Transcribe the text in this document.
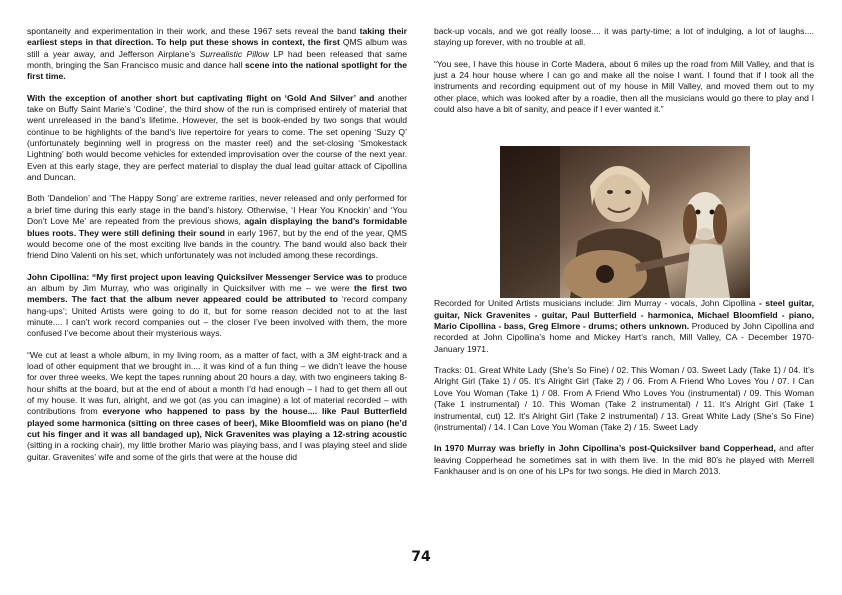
spontaneity and experimentation in their work, and these 1967 sets reveal the band taking their earliest steps in that direction. To help put these shows in context, the first QMS album was still a year away, and Jefferson Airplane’s Surrealistic Pillow LP had been released that same month, bringing the San Francisco music and dance hall scene into the national spotlight for the first time.

With the exception of another short but captivating flight on ‘Gold And Silver’ and another take on Buffy Saint Marie’s ‘Codine’, the third show of the run is comprised entirely of material that went unreleased in the band’s lifetime. However, the set is book-ended by two songs that would continue to be highlights of the band’s live repertoire for years to come. The set opening ‘Suzy Q’ (unfortunately beginning well in progress on the master reel) and the set-closing ‘Smokestack Lightning’ both would become vehicles for extended improvisation over the course of the next year. Even at this early stage, they are perfect material to display the dual lead guitar attack of Cipollina and Duncan.

Both ‘Dandelion’ and ‘The Happy Song’ are extreme rarities, never released and only performed for a brief time during this early stage in the band’s history. Otherwise, ‘I Hear You Knockin’ and ‘You Don’t Love Me’ are repeated from the previous shows, again displaying the band’s formidable blues roots. They were still defining their sound in early 1967, but by the end of the year, QMS would become one of the most exciting live bands in the country. The band would also back their friend Dino Valenti on his set, which unfortunately was not included among these recordings.

John Cipollina: “My first project upon leaving Quicksilver Messenger Service was to produce an album by Jim Murray, who was originally in Quicksilver with me – we were the first two members. The fact that the album never appeared could be attributed to ‘record company hang-ups’; United Artists were going to do it, but for some reason decided not to at the last minute.... I can’t work record companies out – the closer I’ve been involved with them, the more confused I’ve become about their mysterious ways.

“We cut at least a whole album, in my living room, as a matter of fact, with a 3M eight-track and a load of other equipment that we brought in.... it was kind of a fun thing – we didn’t leave the house for over three weeks. We kept the tapes running about 20 hours a day, with two engineers taking 8-hour shifts at the board, but at the end of about a month I’d had enough – I had to get them all out of my house. It was fun, alright, and we got (as you can imagine) a lot of material recorded – with contributions from everyone who happened to pass by the house.... like Paul Butterfield played some harmonica (sitting on three cases of beer), Mike Bloomfield was on piano (he’d cut his finger and it was all bandaged up), Nick Gravenites was playing a 12-string acoustic (sitting in a rocking chair), my little brother Mario was playing bass, and I was playing steel and slide guitar. Gravenites’ wife and some of the girls that were at the house did

back-up vocals, and we got really loose.... it was party-time; a lot of indulging, a lot of laughs.... staying up forever, with no trouble at all.

“You see, I have this house in Corte Madera, about 6 miles up the road from Mill Valley, and that is just a 24 hour house where I can go and make all the noise I want. I found that if I took all the instruments and recording equipment out of my house in Mill Valley, and moved them out to my other place, which was looked after by a roadie, then all the musicians would go there to play and I could also have a bit of sanity, and peace if I ever wanted it.”

Recorded for United Artists musicians include: Jim Murray - vocals, John Cipollina - steel guitar, guitar, Nick Gravenites - guitar, Paul Butterfield - harmonica, Michael Bloomfield - piano, Mario Cipollina - bass, Greg Elmore - drums; others unknown. Produced by John Cipollina and recorded at John Cipollina’s home and Mickey Hart’s ranch, Mill Valley, CA - December 1970-January 1971.

Tracks: 01. Great White Lady (She’s So Fine) / 02. This Woman / 03. Sweet Lady (Take 1) / 04. It’s Alright Girl (Take 1) / 05. It’s Alright Girl (Take 2) / 06. From A Friend Who Loves You / 07. I Can Love You Woman (Take 1) / 08. From A Friend Who Loves You (instrumental) / 09. This Woman (Take 1 instrumental) / 10. This Woman (Take 2 instrumental) / 11. It’s Alright Girl (Take 1 instrumental, cut) 12. It’s Alright Girl (Take 2 instrumental) / 13. Great White Lady (She’s So Fine) (instrumental) / 14. I Can Love You Woman (Take 2) / 15. Sweet Lady

In 1970 Murray was briefly in John Cipollina’s post-Quicksilver band Copperhead, and after leaving Copperhead he sometimes sat in with them live. In the mid 80’s he played with Merrell Fankhauser and is on one of his LPs for two songs. He died in March 2013.

74
